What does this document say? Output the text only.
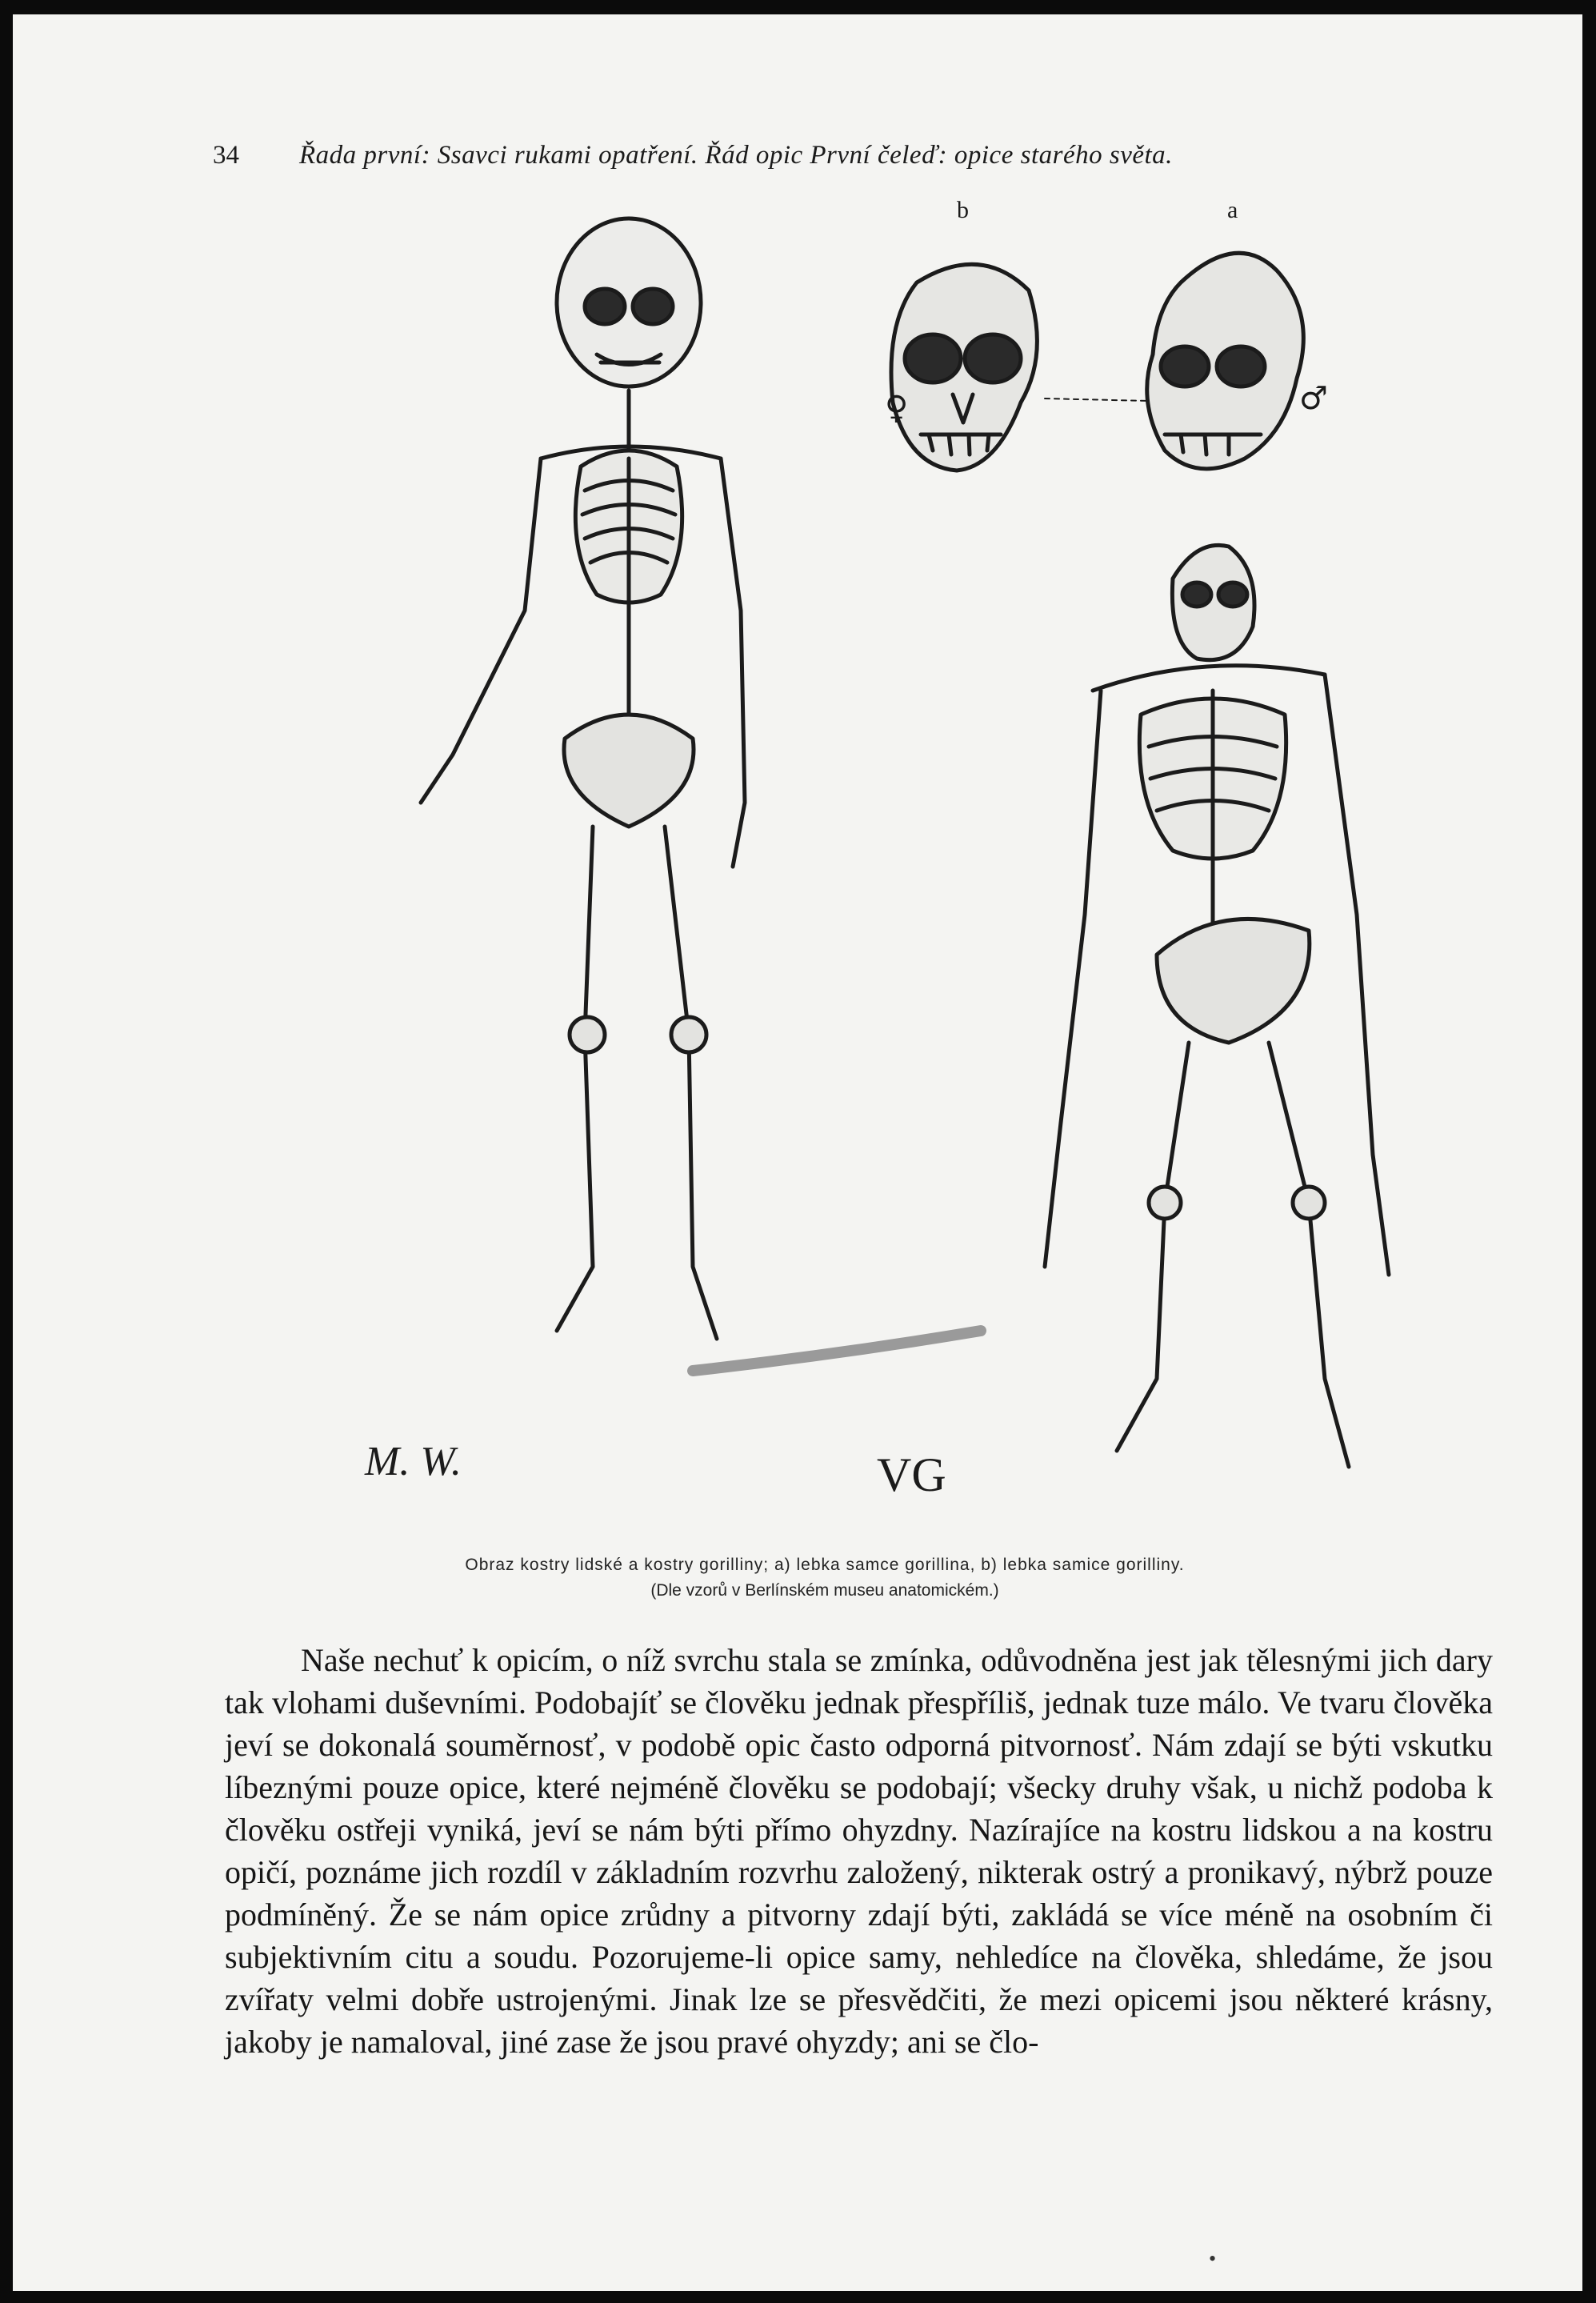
34 Řada první: Ssavci rukami opatření. Řád opic První čeleď: opice starého světa.
b	a
♀	♂
M. W.	VG
Obraz kostry lidské a kostry gorilliny; a) lebka samce gorillina, b) lebka samice gorilliny.
(Dle vzorů v Berlínském museu anatomickém.)

Naše nechuť k opicím, o níž svrchu stala se zmínka, odůvodněna jest jak tělesnými jich dary tak vlohami duševními. Podobajíť se člověku jednak přespříliš, jednak tuze málo. Ve tvaru člověka jeví se dokonalá souměrnosť, v podobě opic často odporná pitvornosť. Nám zdají se býti vskutku líbeznými pouze opice, které nejméně člověku se podobají; všecky druhy však, u nichž podoba k člověku ostřeji vyniká, jeví se nám býti přímo ohyzdny. Nazírajíce na kostru lidskou a na kostru opičí, poznáme jich rozdíl v základním rozvrhu založený, nikterak ostrý a pronikavý, nýbrž pouze podmíněný. Že se nám opice zrůdny a pitvorny zdají býti, zakládá se více méně na osobním či subjektivním citu a soudu. Pozorujeme-li opice samy, nehledíce na člověka, shledáme, že jsou zvířaty velmi dobře ustrojenými. Jinak lze se přesvědčiti, že mezi opicemi jsou některé krásny, jakoby je namaloval, jiné zase že jsou pravé ohyzdy; ani se člo-

•
